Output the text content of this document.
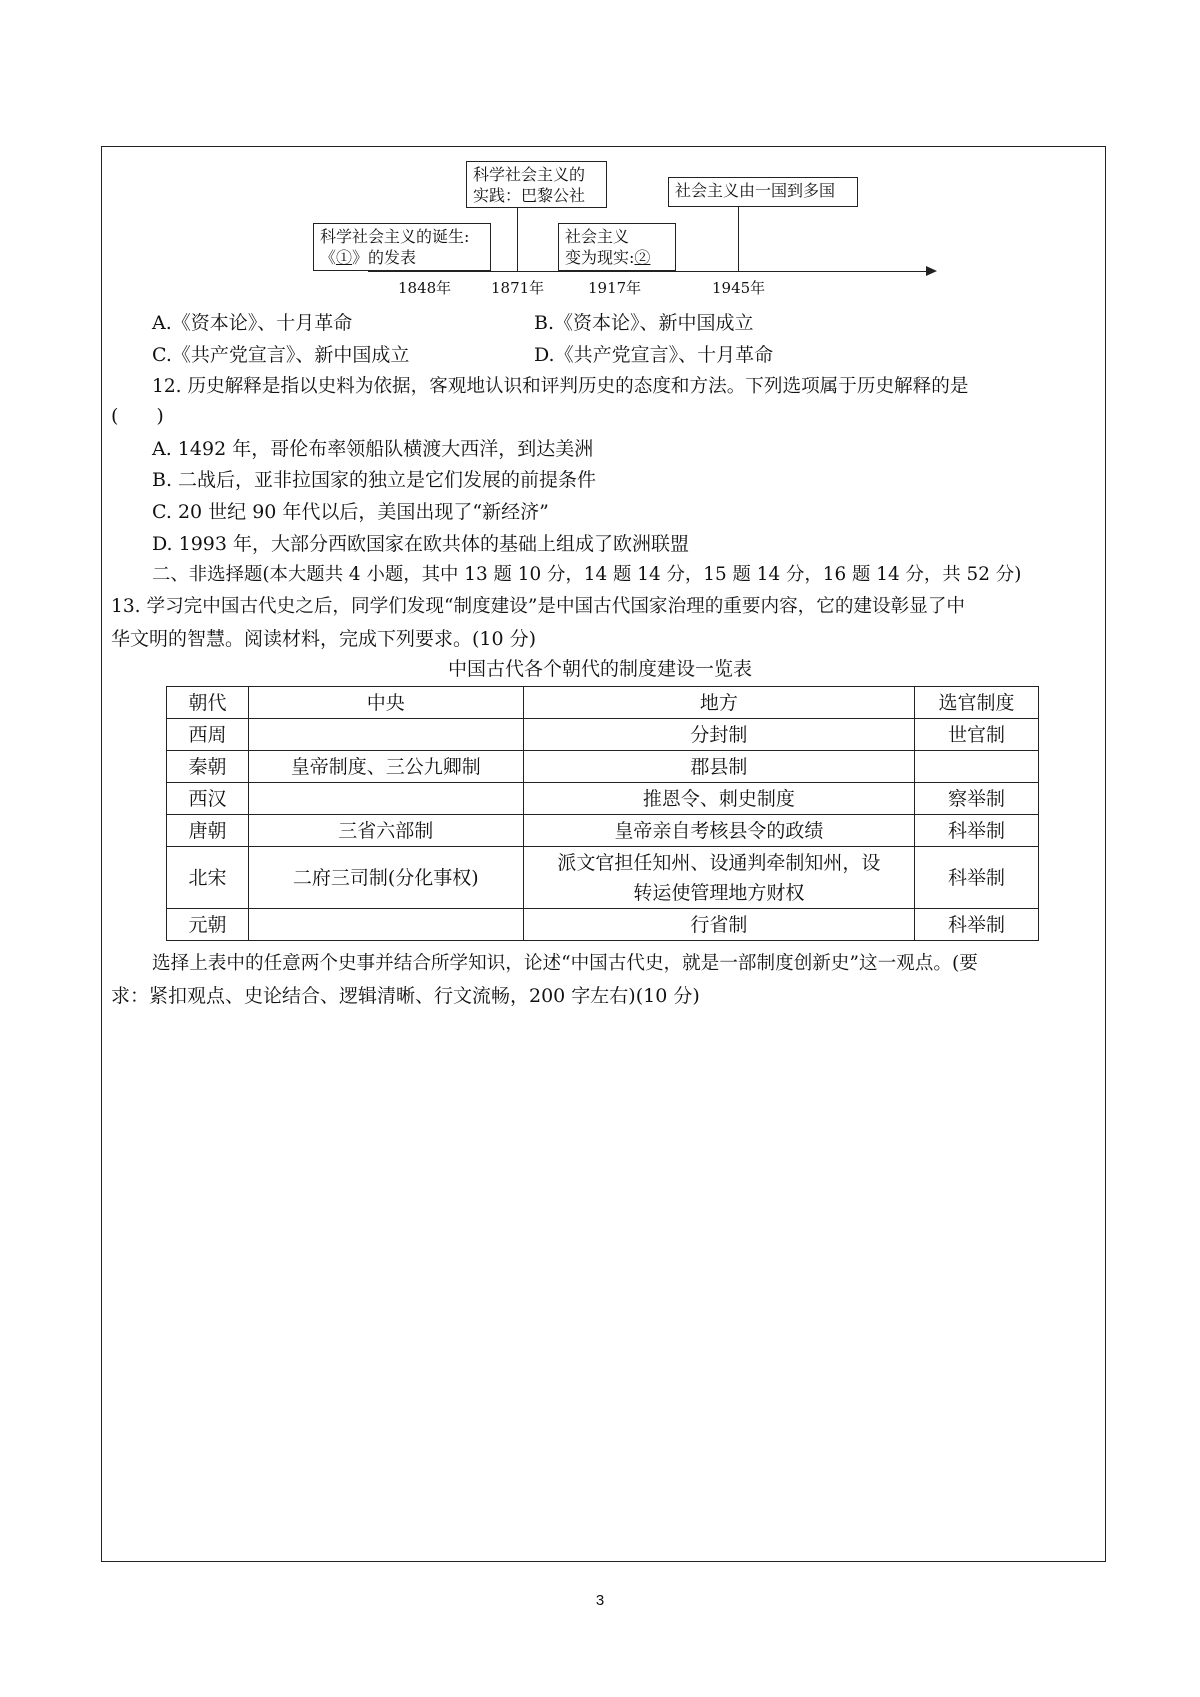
科学社会主义的
实践：巴黎公社	社会主义由一国到多国
科学社会主义的诞生:
《①》的发表
社会主义
变为现实:②
1848年	1871年	1917年	1945年
A.《资本论》、十月革命	B.《资本论》、新中国成立
C.《共产党宣言》、新中国成立	D.《共产党宣言》、十月革命
12. 历史解释是指以史料为依据，客观地认识和评判历史的态度和方法。下列选项属于历史解释的是
(　　)
A. 1492 年，哥伦布率领船队横渡大西洋，到达美洲
B. 二战后，亚非拉国家的独立是它们发展的前提条件
C. 20 世纪 90 年代以后，美国出现了“新经济”
D. 1993 年，大部分西欧国家在欧共体的基础上组成了欧洲联盟
二、非选择题(本大题共 4 小题，其中 13 题 10 分，14 题 14 分，15 题 14 分，16 题 14 分，共 52 分)
13. 学习完中国古代史之后，同学们发现“制度建设”是中国古代国家治理的重要内容，它的建设彰显了中
华文明的智慧。阅读材料，完成下列要求。(10 分)
中国古代各个朝代的制度建设一览表
朝代	中央	地方	选官制度
西周		分封制	世官制
秦朝	皇帝制度、三公九卿制	郡县制	
西汉		推恩令、刺史制度	察举制
唐朝	三省六部制	皇帝亲自考核县令的政绩	科举制
北宋	二府三司制(分化事权)	派文官担任知州、设通判牵制知州，设
转运使管理地方财权	科举制
元朝		行省制	科举制
选择上表中的任意两个史事并结合所学知识，论述“中国古代史，就是一部制度创新史”这一观点。(要
求：紧扣观点、史论结合、逻辑清晰、行文流畅，200 字左右)(10 分)
3
